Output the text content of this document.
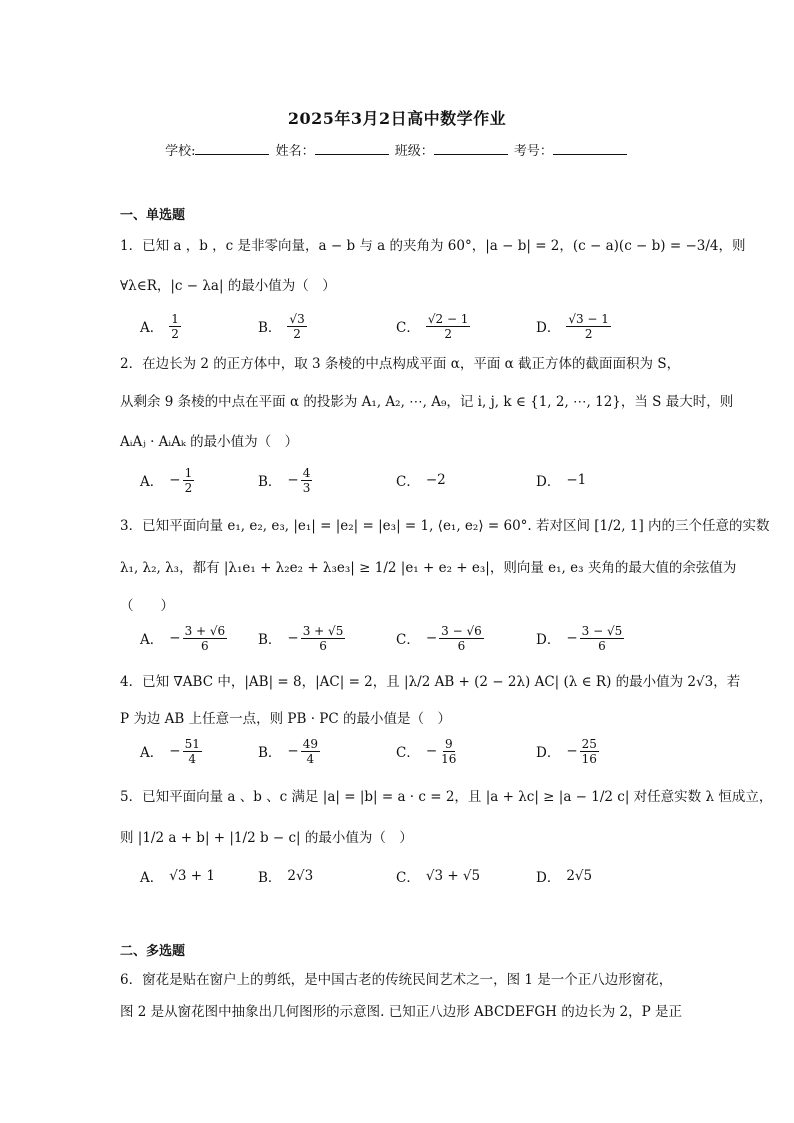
2025年3月2日高中数学作业
学校:	姓名：	班级：	考号：
一、单选题
1．已知 a ，b ，c 是非零向量，a − b 与 a 的夹角为 60°，|a − b| = 2，(c − a)(c − b) = −3/4，则
∀λ∈R，|c − λa| 的最小值为（　）
A． $\frac{1}{2}$	B． $\frac{√3}{2}$	C． $\frac{√2 - 1}{2}$	D． $\frac{√3 - 1}{2}$
2．在边长为 2 的正方体中，取 3 条棱的中点构成平面 α，平面 α 截正方体的截面面积为 S，
从剩余 9 条棱的中点在平面 α 的投影为 A₁, A₂, ⋯, A₉，记 i, j, k ∈ {1, 2, ⋯, 12}，当 S 最大时，则
AᵢAⱼ · AᵢAₖ 的最小值为（　）
A． − $\frac{1}{2}$	B． − $\frac{4}{3}$	C． −2	D． −1
3．已知平面向量 e₁, e₂, e₃, |e₁| = |e₂| = |e₃| = 1, ⟨e₁, e₂⟩ = 60°. 若对区间 [1/2, 1] 内的三个任意的实数
λ₁, λ₂, λ₃，都有 |λ₁e₁ + λ₂e₂ + λ₃e₃| ≥ 1/2 |e₁ + e₂ + e₃|，则向量 e₁, e₃ 夹角的最大值的余弦值为
（　　）
A． − $\frac{3 + √6}{6}$ B． − $\frac{3 + √5}{6}$	C． − $\frac{3 - √6}{6}$	D． − $\frac{3 - √5}{6}$
4．已知 ∇ABC 中，|AB| = 8，|AC| = 2，且 |λ/2 AB + (2 − 2λ) AC| (λ ∈ R) 的最小值为 2√3，若
P 为边 AB 上任意一点，则 PB · PC 的最小值是（　）
A． − $\frac{51}{4}$	B． − $\frac{49}{4}$	C． − $\frac{9}{16}$	D． − $\frac{25}{16}$
5．已知平面向量 a 、b 、c 满足 |a| = |b| = a · c = 2，且 |a + λc| ≥ |a − 1/2 c| 对任意实数 λ 恒成立，
则 |1/2 a + b| + |1/2 b − c| 的最小值为（　）
A． √3 + 1	B． 2√3	C． √3 + √5	D． 2√5
二、多选题
6．窗花是贴在窗户上的剪纸，是中国古老的传统民间艺术之一，图 1 是一个正八边形窗花，
图 2 是从窗花图中抽象出几何图形的示意图. 已知正八边形 ABCDEFGH 的边长为 2，P 是正
